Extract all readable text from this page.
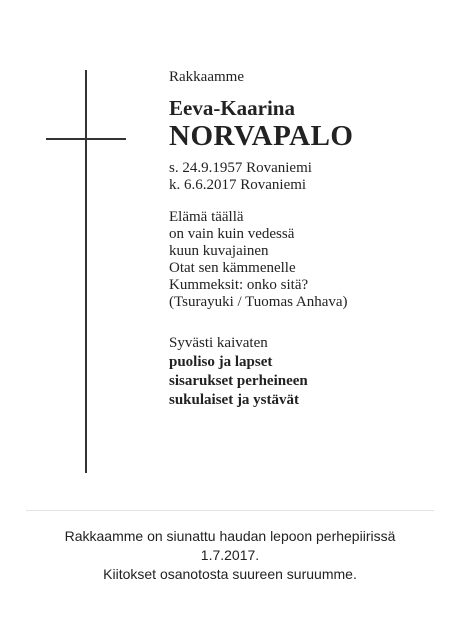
Rakkaamme
Eeva-Kaarina
NORVAPALO
s. 24.9.1957 Rovaniemi
k. 6.6.2017 Rovaniemi
Elämä täällä
on vain kuin vedessä
kuun kuvajainen
Otat sen kämmenelle
Kummeksit: onko sitä?
(Tsurayuki / Tuomas Anhava)
Syvästi kaivaten
puoliso ja lapset
sisarukset perheineen
sukulaiset ja ystävät
Rakkaamme on siunattu haudan lepoon perhepiirissä
1.7.2017.
Kiitokset osanotosta suureen suruumme.
